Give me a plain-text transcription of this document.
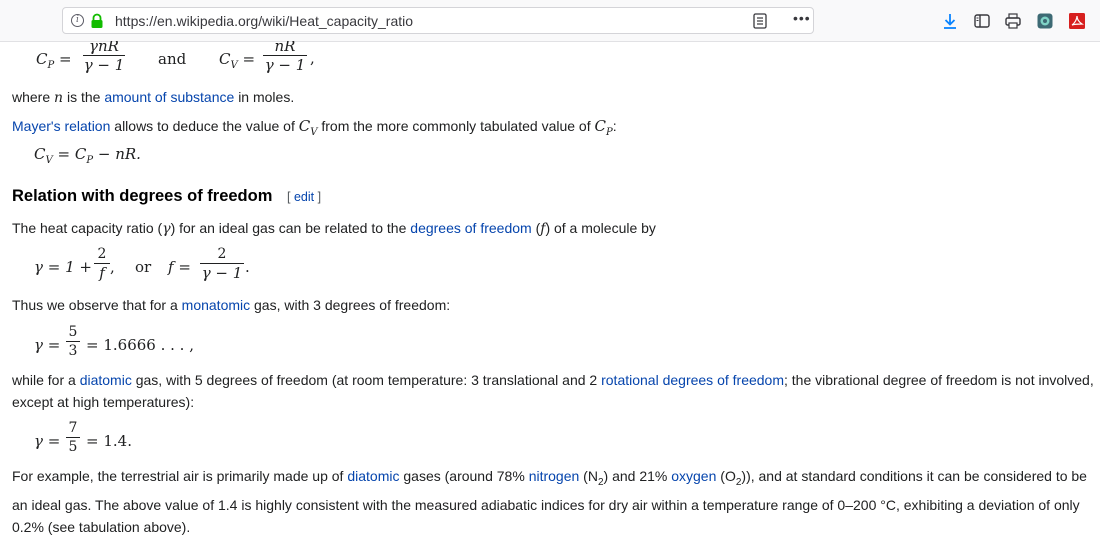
i	https://en.wikipedia.org/wiki/Heat_capacity_ratio	•••
$C_P$ =
γnR
γ − 1 and $C_V = \frac{nR}{\gamma - 1}$ ,
where n is the amount of substance in moles.
Mayer's relation allows to deduce the value of $C_V$ from the more commonly tabulated value of $C_P$:
$C_V = C_P$ − nR.
Relation with degrees of freedom [ edit ]
The heat capacity ratio (γ) for an ideal gas can be related to the degrees of freedom (f) of a molecule by
$\gamma = 1 + \frac{2}{f}$ , or $f = \frac{2}{\gamma - 1}$ .
Thus we observe that for a monatomic gas, with 3 degrees of freedom:
$\gamma = \frac{5}{3} = 1.6666$ . . . ,
while for a diatomic gas, with 5 degrees of freedom (at room temperature: 3 translational and 2 rotational degrees of freedom; the vibrational degree of freedom is not involved, except at high temperatures):
$\gamma = \frac{7}{5} = 1.4$.
For example, the terrestrial air is primarily made up of diatomic gases (around 78% nitrogen $(N_2)$ and 21% oxygen $(O_2)$), and at standard conditions it can be considered to be an ideal gas. The above value of 1.4 is highly consistent with the measured adiabatic indices for dry air within a temperature range of 0–200 °C, exhibiting a deviation of only 0.2% (see tabulation above).
